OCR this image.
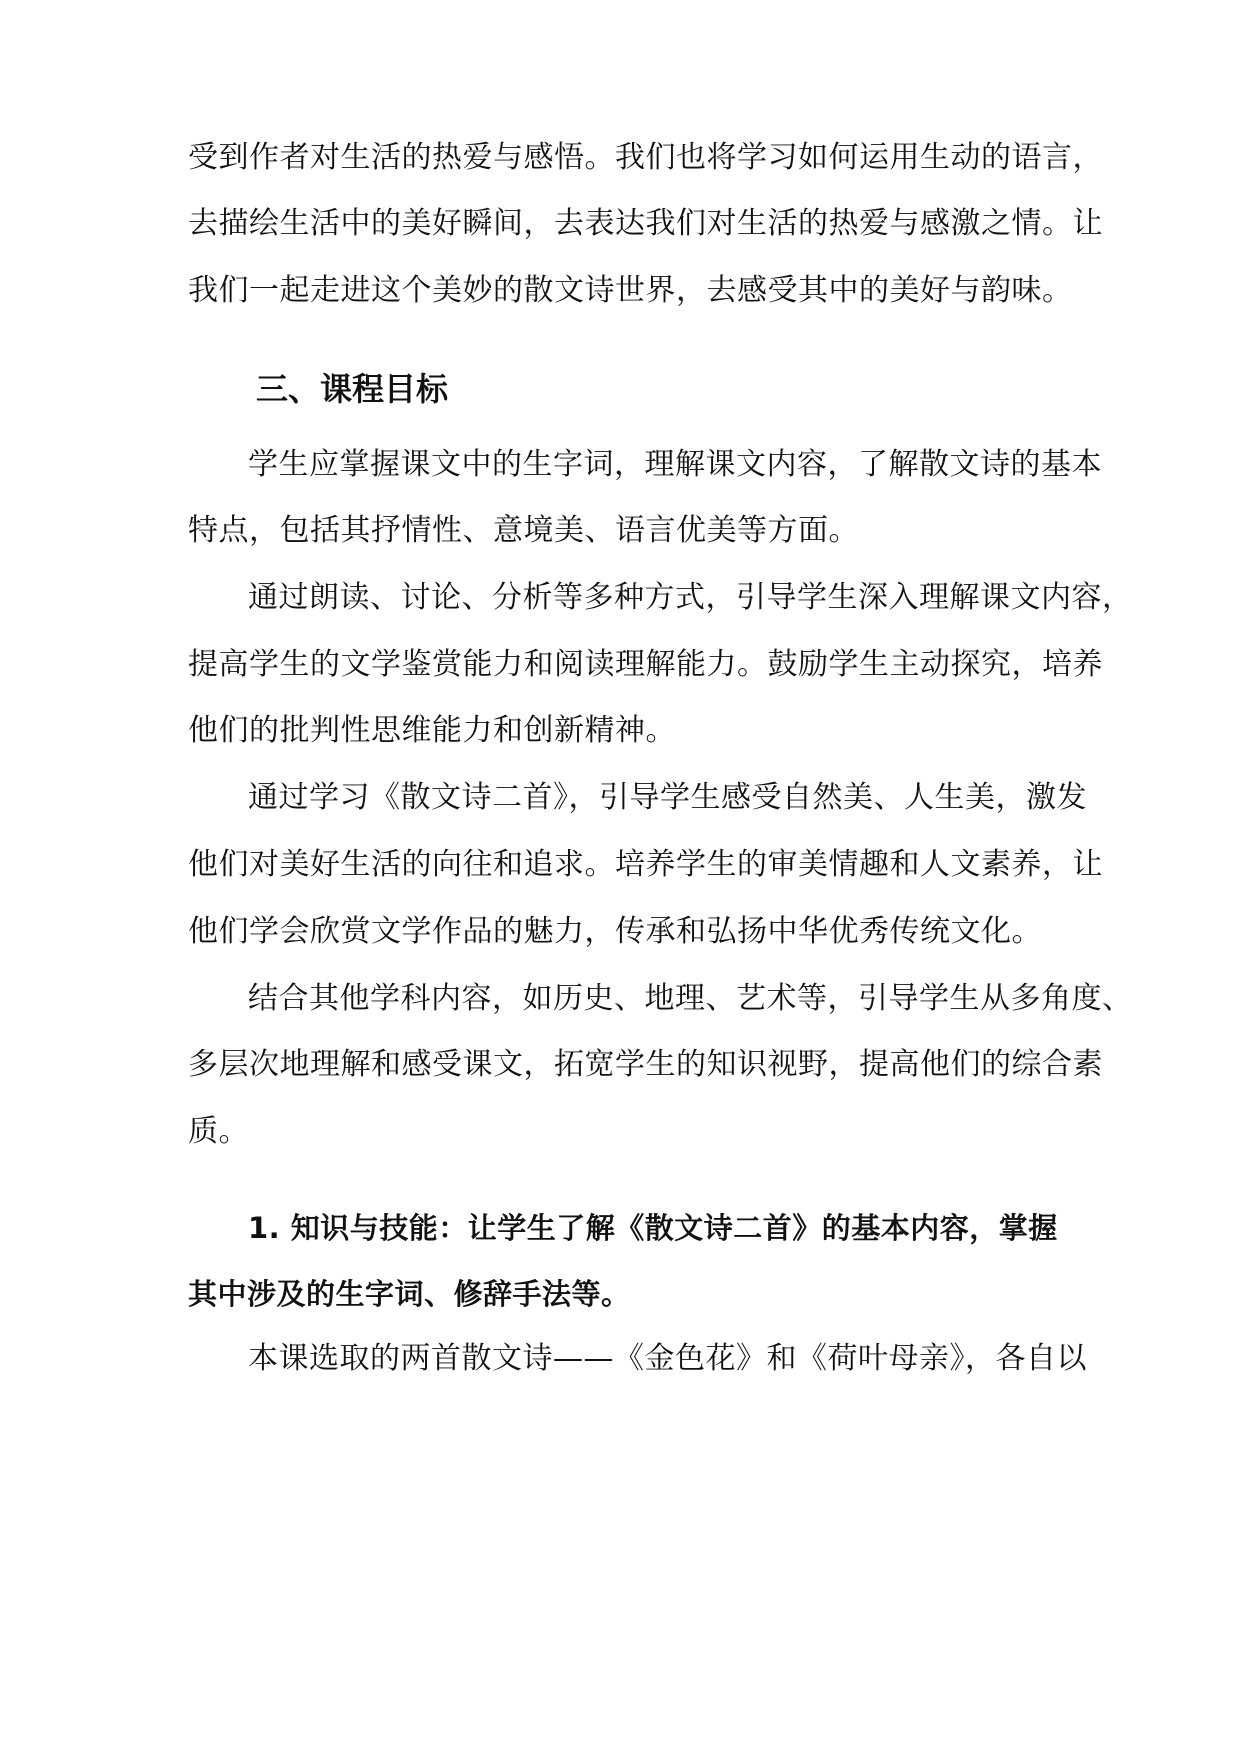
受到作者对生活的热爱与感悟。我们也将学习如何运用生动的语言，
去描绘生活中的美好瞬间，去表达我们对生活的热爱与感激之情。让
我们一起走进这个美妙的散文诗世界，去感受其中的美好与韵味。
三、课程目标
学生应掌握课文中的生字词，理解课文内容，了解散文诗的基本
特点，包括其抒情性、意境美、语言优美等方面。
通过朗读、讨论、分析等多种方式，引导学生深入理解课文内容，
提高学生的文学鉴赏能力和阅读理解能力。鼓励学生主动探究，培养
他们的批判性思维能力和创新精神。
通过学习《散文诗二首》，引导学生感受自然美、人生美，激发
他们对美好生活的向往和追求。培养学生的审美情趣和人文素养，让
他们学会欣赏文学作品的魅力，传承和弘扬中华优秀传统文化。
结合其他学科内容，如历史、地理、艺术等，引导学生从多角度、
多层次地理解和感受课文，拓宽学生的知识视野，提高他们的综合素
质。
1. 知识与技能：让学生了解《散文诗二首》的基本内容，掌握
其中涉及的生字词、修辞手法等。
本课选取的两首散文诗——《金色花》和《荷叶母亲》，各自以
